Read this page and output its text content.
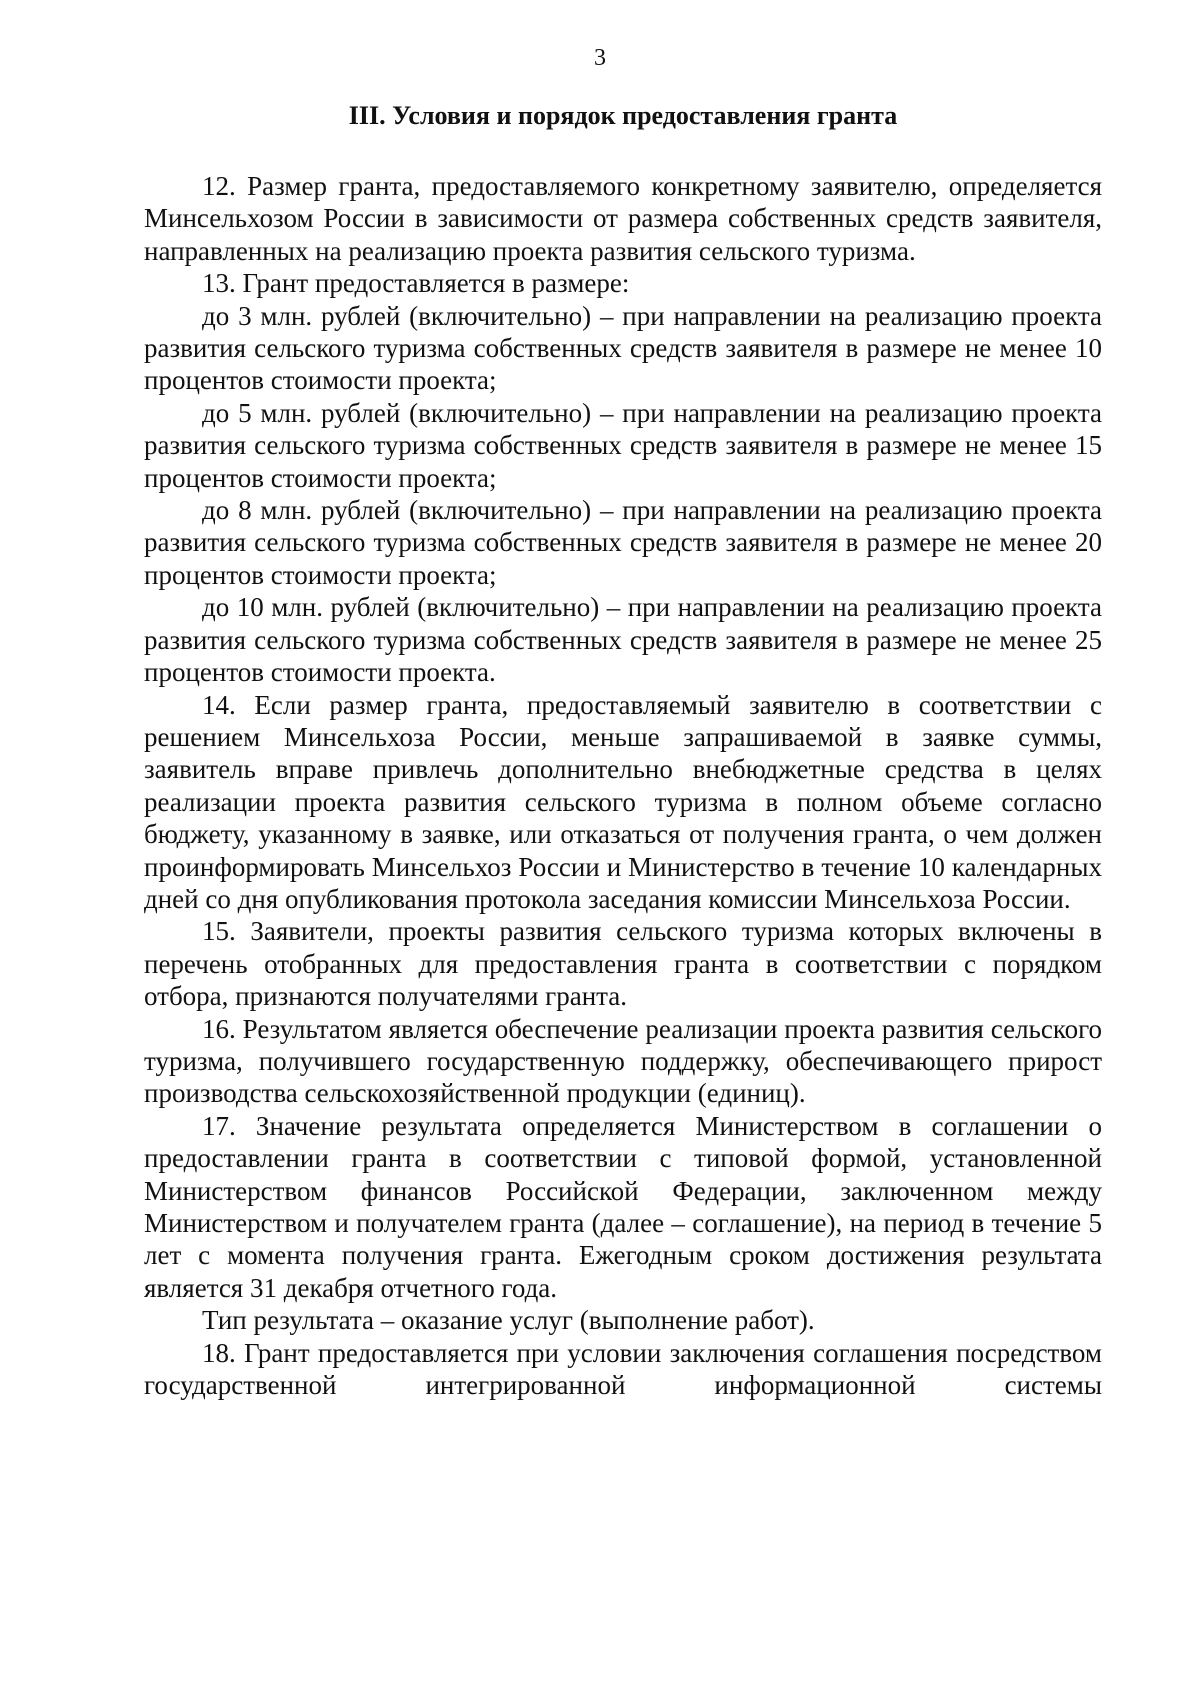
3
III. Условия и порядок предоставления гранта

12. Размер гранта, предоставляемого конкретному заявителю, определяется Минсельхозом России в зависимости от размера собственных средств заявителя, направленных на реализацию проекта развития сельского туризма.

13. Грант предоставляется в размере:

до 3 млн. рублей (включительно) – при направлении на реализацию проекта развития сельского туризма собственных средств заявителя в размере не менее 10 процентов стоимости проекта;

до 5 млн. рублей (включительно) – при направлении на реализацию проекта развития сельского туризма собственных средств заявителя в размере не менее 15 процентов стоимости проекта;

до 8 млн. рублей (включительно) – при направлении на реализацию проекта развития сельского туризма собственных средств заявителя в размере не менее 20 процентов стоимости проекта;

до 10 млн. рублей (включительно) – при направлении на реализацию проекта развития сельского туризма собственных средств заявителя в размере не менее 25 процентов стоимости проекта.

14. Если размер гранта, предоставляемый заявителю в соответствии с решением Минсельхоза России, меньше запрашиваемой в заявке суммы, заявитель вправе привлечь дополнительно внебюджетные средства в целях реализации проекта развития сельского туризма в полном объеме согласно бюджету, указанному в заявке, или отказаться от получения гранта, о чем должен проинформировать Минсельхоз России и Министерство в течение 10 календарных дней со дня опубликования протокола заседания комиссии Минсельхоза России.

15. Заявители, проекты развития сельского туризма которых включены в перечень отобранных для предоставления гранта в соответствии с порядком отбора, признаются получателями гранта.

16. Результатом является обеспечение реализации проекта развития сельского туризма, получившего государственную поддержку, обеспечивающего прирост производства сельскохозяйственной продукции (единиц).

17. Значение результата определяется Министерством в соглашении о предоставлении гранта в соответствии с типовой формой, установленной Министерством финансов Российской Федерации, заключенном между Министерством и получателем гранта (далее – соглашение), на период в течение 5 лет с момента получения гранта. Ежегодным сроком достижения результата является 31 декабря отчетного года.

Тип результата – оказание услуг (выполнение работ).

18. Грант предоставляется при условии заключения соглашения посредством государственной интегрированной информационной системы
